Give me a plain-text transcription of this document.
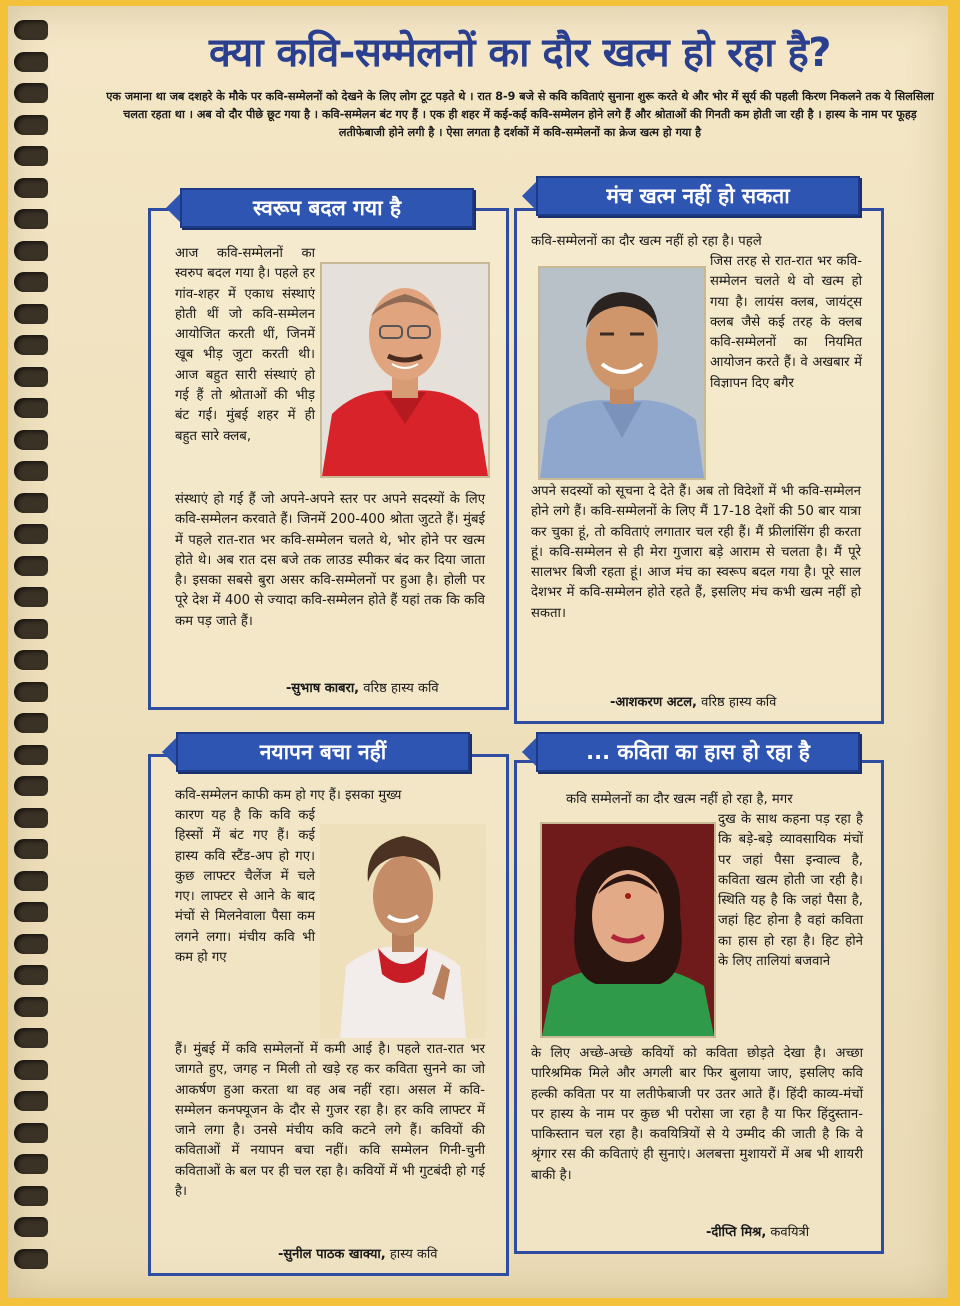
क्या कवि-सम्मेलनों का दौर खत्म हो रहा है?
एक जमाना था जब दशहरे के मौके पर कवि-सम्मेलनों को देखने के लिए लोग टूट पड़ते थे । रात 8-9 बजे से कवि कविताएं सुनाना शुरू करते थे और भोर में सूर्य की पहली किरण निकलने तक ये सिलसिला चलता रहता था । अब वो दौर पीछे छूट गया है । कवि-सम्मेलन बंट गए हैं । एक ही शहर में कई-कई कवि-सम्मेलन होने लगे हैं और श्रोताओं की गिनती कम होती जा रही है । हास्य के नाम पर फूहड़ लतीफेबाजी होने लगी है । ऐसा लगता है दर्शकों में कवि-सम्मेलनों का क्रेज खत्म हो गया है
स्वरूप बदल गया है

आज कवि-सम्मेलनों का स्वरुप बदल गया है। पहले हर गांव-शहर में एकाध संस्थाएं होती थीं जो कवि-सम्मेलन आयोजित करती थीं, जिनमें खूब भीड़ जुटा करती थी। आज बहुत सारी संस्थाएं हो गई हैं तो श्रोताओं की भीड़ बंट गई। मुंबई शहर में ही बहुत सारे क्लब,

संस्थाएं हो गई हैं जो अपने-अपने स्तर पर अपने सदस्यों के लिए कवि-सम्मेलन करवाते हैं। जिनमें 200-400 श्रोता जुटते हैं। मुंबई में पहले रात-रात भर कवि-सम्मेलन चलते थे, भोर होने पर खत्म होते थे। अब रात दस बजे तक लाउड स्पीकर बंद कर दिया जाता है। इसका सबसे बुरा असर कवि-सम्मेलनों पर हुआ है। होली पर पूरे देश में 400 से ज्यादा कवि-सम्मेलन होते हैं यहां तक कि कवि कम पड़ जाते हैं।

-सुभाष काबरा, वरिष्ठ हास्य कवि
मंच खत्म नहीं हो सकता

कवि-सम्मेलनों का दौर खत्म नहीं हो रहा है। पहले

जिस तरह से रात-रात भर कवि-सम्मेलन चलते थे वो खत्म हो गया है। लायंस क्लब, जायंट्स क्लब जैसे कई तरह के क्लब कवि-सम्मेलनों का नियमित आयोजन करते हैं। वे अखबार में विज्ञापन दिए बगैर

अपने सदस्यों को सूचना दे देते हैं। अब तो विदेशों में भी कवि-सम्मेलन होने लगे हैं। कवि-सम्मेलनों के लिए मैं 17-18 देशों की 50 बार यात्रा कर चुका हूं, तो कविताएं लगातार चल रही हैं। मैं फ्रीलांसिंग ही करता हूं। कवि-सम्मेलन से ही मेरा गुजारा बड़े आराम से चलता है। मैं पूरे सालभर बिजी रहता हूं। आज मंच का स्वरूप बदल गया है। पूरे साल देशभर में कवि-सम्मेलन होते रहते हैं, इसलिए मंच कभी खत्म नहीं हो सकता।

-आशकरण अटल, वरिष्ठ हास्य कवि
नयापन बचा नहीं

कवि-सम्मेलन काफी कम हो गए हैं। इसका मुख्य

कारण यह है कि कवि कई हिस्सों में बंट गए हैं। कई हास्य कवि स्टैंड-अप हो गए। कुछ लाफ्टर चैलेंज में चले गए। लाफ्टर से आने के बाद मंचों से मिलनेवाला पैसा कम लगने लगा। मंचीय कवि भी कम हो गए

हैं। मुंबई में कवि सम्मेलनों में कमी आई है। पहले रात-रात भर जागते हुए, जगह न मिली तो खड़े रह कर कविता सुनने का जो आकर्षण हुआ करता था वह अब नहीं रहा। असल में कवि-सम्मेलन कनफ्यूजन के दौर से गुजर रहा है। हर कवि लाफ्टर में जाने लगा है। उनसे मंचीय कवि कटने लगे हैं। कवियों की कविताओं में नयापन बचा नहीं। कवि सम्मेलन गिनी-चुनी कविताओं के बल पर ही चल रहा है। कवियों में भी गुटबंदी हो गई है।

-सुनील पाठक खाक्या, हास्य कवि
... कविता का हास हो रहा है

कवि सम्मेलनों का दौर खत्म नहीं हो रहा है, मगर

दुख के साथ कहना पड़ रहा है कि बड़े-बड़े व्यावसायिक मंचों पर जहां पैसा इन्वाल्व है, कविता खत्म होती जा रही है। स्थिति यह है कि जहां पैसा है, जहां हिट होना है वहां कविता का हास हो रहा है। हिट होने के लिए तालियां बजवाने

के लिए अच्छे-अच्छे कवियों को कविता छोड़ते देखा है। अच्छा पारिश्रमिक मिले और अगली बार फिर बुलाया जाए, इसलिए कवि हल्की कविता पर या लतीफेबाजी पर उतर आते हैं। हिंदी काव्य-मंचों पर हास्य के नाम पर कुछ भी परोसा जा रहा है या फिर हिंदुस्तान-पाकिस्तान चल रहा है। कवयित्रियों से ये उम्मीद की जाती है कि वे श्रृंगार रस की कविताएं ही सुनाएं। अलबत्ता मुशायरों में अब भी शायरी बाकी है।

-दीप्ति मिश्र, कवयित्री
